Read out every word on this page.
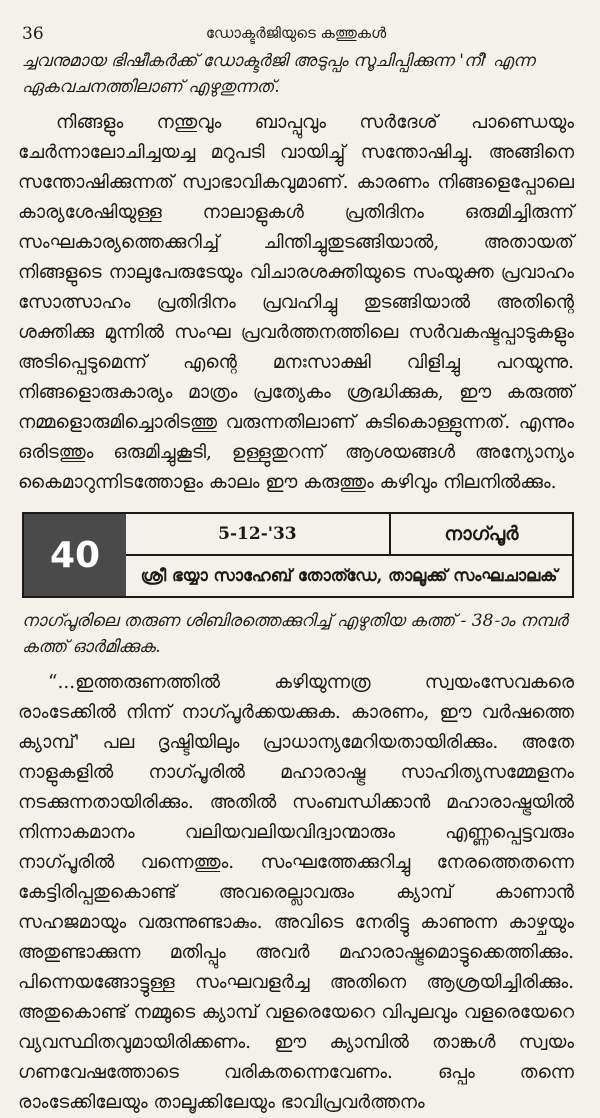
36	ഡോക്ടർജിയുടെ കത്തുകൾ

ച്ചവനുമായ ഭിഷീകർക്ക് ഡോക്ടർജി അടുപ്പം സൂചിപ്പിക്കുന്ന 'നീ' എന്ന ഏകവചനത്തിലാണ് എഴുതുന്നത്.

നിങ്ങളും നന്തുവും ബാപ്പുവും സർദേശ് പാണ്ഡെയും ചേർന്നാലോചിച്ചയച്ച മറുപടി വായിച്ചു് സന്തോഷിച്ചു. അങ്ങിനെ സന്തോഷിക്കുന്നത് സ്വാഭാവികവുമാണ്. കാരണം നിങ്ങളെപ്പോലെ കാര്യശേഷിയുള്ള നാലാളുകൾ പ്രതിദിനം ഒരുമിച്ചിരുന്ന് സംഘകാര്യത്തെക്കുറിച്ച് ചിന്തിച്ചുതുടങ്ങിയാൽ, അതായത് നിങ്ങളുടെ നാലുപേരുടേയും വിചാരശക്തിയുടെ സംയുക്ത പ്രവാഹം സോത്സാഹം പ്രതിദിനം പ്രവഹിച്ചു തുടങ്ങിയാൽ അതിന്റെ ശക്തിക്കു മുന്നിൽ സംഘ പ്രവർത്തനത്തിലെ സർവകഷ്ടപ്പാടുകളും അടിപ്പെടുമെന്ന് എന്റെ മനഃസാക്ഷി വിളിച്ചു പറയുന്നു. നിങ്ങളൊരുകാര്യം മാത്രം പ്രത്യേകം ശ്രദ്ധിക്കുക, ഈ കരുത്ത് നമ്മളൊരുമിച്ചൊരിടത്തു വരുന്നതിലാണ് കുടികൊള്ളുന്നത്. എന്നും ഒരിടത്തും ഒരുമിച്ചുകൂടി, ഉള്ളുതുറന്ന് ആശയങ്ങൾ അന്യോന്യം കൈമാറുന്നിടത്തോളം കാലം ഈ കരുത്തും കഴിവും നിലനിൽക്കും.

40
5-12-'33	നാഗ്പൂർ
ശ്രീ ഭയ്യാ സാഹേബ് തോത്ഡേ, താലൂക്ക് സംഘചാലക്

നാഗ്പൂരിലെ തരുണ ശിബിരത്തെക്കുറിച്ച് എഴുതിയ കത്ത് - 38-ാം നമ്പർ കത്ത് ഓർമിക്കുക.

“...ഇത്തരുണത്തിൽ കഴിയുന്നത്ര സ്വയംസേവകരെ രാംടേക്കിൽ നിന്ന് നാഗ്പൂർക്കയക്കുക. കാരണം, ഈ വർഷത്തെ ക്യാമ്പ്' പല ദൃഷ്ടിയിലും പ്രാധാന്യമേറിയതായിരിക്കും. അതേ നാളുകളിൽ നാഗ്പൂരിൽ മഹാരാഷ്ട്ര സാഹിത്യസമ്മേളനം നടക്കുന്നതായിരിക്കും. അതിൽ സംബന്ധിക്കാൻ മഹാരാഷ്ട്രയിൽ നിന്നാകമാനം വലിയവലിയവിദ്വാന്മാരും എണ്ണപ്പെട്ടവരും നാഗ്പൂരിൽ വന്നെത്തും. സംഘത്തേക്കുറിച്ചു നേരത്തെതന്നെ കേട്ടിരിപ്പതുകൊണ്ട് അവരെല്ലാവരും ക്യാമ്പ് കാണാൻ സഹജമായും വരുന്നുണ്ടാകും. അവിടെ നേരിട്ടു കാണുന്ന കാഴ്ചയും അതുണ്ടാക്കുന്ന മതിപ്പും അവർ മഹാരാഷ്ട്രമൊട്ടുക്കെത്തിക്കും. പിന്നെയങ്ങോട്ടുള്ള സംഘവളർച്ച അതിനെ ആശ്രയിച്ചിരിക്കും. അതുകൊണ്ട് നമ്മുടെ ക്യാമ്പ് വളരെയേറെ വിപുലവും വളരെയേറെ വ്യവസ്ഥിതവുമായിരിക്കണം. ഈ ക്യാമ്പിൽ താങ്കൾ സ്വയം ഗണവേഷത്തോടെ വരികതന്നെവേണം. ഒപ്പം തന്നെ രാംടേക്കിലേയും താലൂക്കിലേയും ഭാവിപ്രവർത്തനം
